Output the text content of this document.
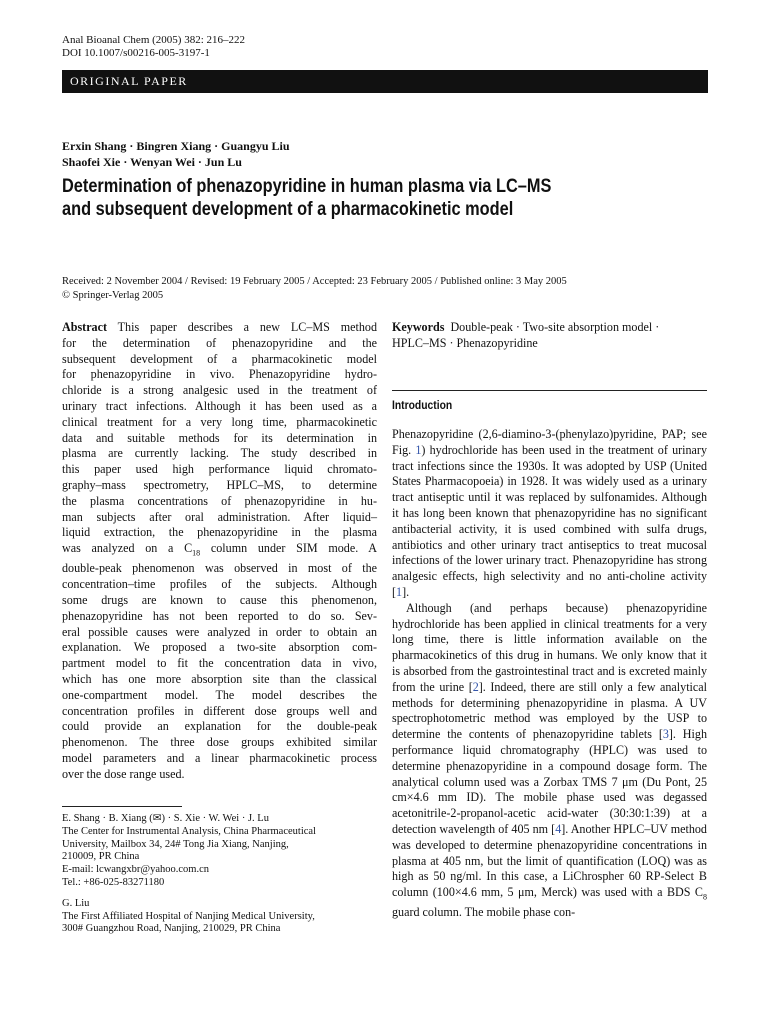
Anal Bioanal Chem (2005) 382: 216–222
DOI 10.1007/s00216-005-3197-1
ORIGINAL PAPER
Erxin Shang · Bingren Xiang · Guangyu Liu
Shaofei Xie · Wenyan Wei · Jun Lu
Determination of phenazopyridine in human plasma via LC–MS
and subsequent development of a pharmacokinetic model
Received: 2 November 2004 / Revised: 19 February 2005 / Accepted: 23 February 2005 / Published online: 3 May 2005
© Springer-Verlag 2005
Abstract This paper describes a new LC–MS method
for the determination of phenazopyridine and the
subsequent development of a pharmacokinetic model
for phenazopyridine in vivo. Phenazopyridine hydro-
chloride is a strong analgesic used in the treatment of
urinary tract infections. Although it has been used as a
clinical treatment for a very long time, pharmacokinetic
data and suitable methods for its determination in
plasma are currently lacking. The study described in
this paper used high performance liquid chromato-
graphy–mass spectrometry, HPLC–MS, to determine
the plasma concentrations of phenazopyridine in hu-
man subjects after oral administration. After liquid–
liquid extraction, the phenazopyridine in the plasma
was analyzed on a $C_{18}$ column under SIM mode. A
double-peak phenomenon was observed in most of the
concentration–time profiles of the subjects. Although
some drugs are known to cause this phenomenon,
phenazopyridine has not been reported to do so. Sev-
eral possible causes were analyzed in order to obtain an
explanation. We proposed a two-site absorption com-
partment model to fit the concentration data in vivo,
which has one more absorption site than the classical
one-compartment model. The model describes the
concentration profiles in different dose groups well and
could provide an explanation for the double-peak
phenomenon. The three dose groups exhibited similar
model parameters and a linear pharmacokinetic process
over the dose range used.

E. Shang · B. Xiang (✉) · S. Xie · W. Wei · J. Lu

The Center for Instrumental Analysis, China Pharmaceutical

University, Mailbox 34, 24# Tong Jia Xiang, Nanjing,

210009, PR China

E-mail: lcwangxbr@yahoo.com.cn

Tel.: +86-025-83271180

G. Liu

The First Affiliated Hospital of Nanjing Medical University,

300# Guangzhou Road, Nanjing, 210029, PR China

Keywords Double-peak · Two-site absorption model ·
HPLC–MS · Phenazopyridine
Introduction

Phenazopyridine (2,6-diamino-3-(phenylazo)pyridine, PAP; see Fig. 1) hydrochloride has been used in the treatment of urinary tract infections since the 1930s. It was adopted by USP (United States Pharmacopoeia) in 1928. It was widely used as a urinary tract antiseptic until it was replaced by sulfonamides. Although it has long been known that phenazopyridine has no significant antibacterial activity, it is used combined with sulfa drugs, antibiotics and other urinary tract antiseptics to treat mucosal infections of the lower urinary tract. Phenazopyridine has strong analgesic effects, high selectivity and no anti-choline activity [1].

Although (and perhaps because) phenazopyridine hydrochloride has been applied in clinical treatments for a very long time, there is little information available on the pharmacokinetics of this drug in humans. We only know that it is absorbed from the gastrointestinal tract and is excreted mainly from the urine [2]. Indeed, there are still only a few analytical methods for determining phenazopyridine in plasma. A UV spectrophotometric method was employed by the USP to determine the contents of phenazopyridine tablets [3]. High performance liquid chromatography (HPLC) was used to determine phenazopyridine in a compound dosage form. The analytical column used was a Zorbax TMS 7 μm (Du Pont, 25 cm×4.6 mm ID). The mobile phase used was degassed acetonitrile-2-propanol-acetic acid-water (30:30:1:39) at a detection wavelength of 405 nm [4]. Another HPLC–UV method was developed to determine phenazopyridine concentrations in plasma at 405 nm, but the limit of quantification (LOQ) was as high as 50 ng/ml. In this case, a LiChrospher 60 RP-Select B column (100×4.6 mm, 5 μm, Merck) was used with a BDS $C_8$ guard column. The mobile phase con-
